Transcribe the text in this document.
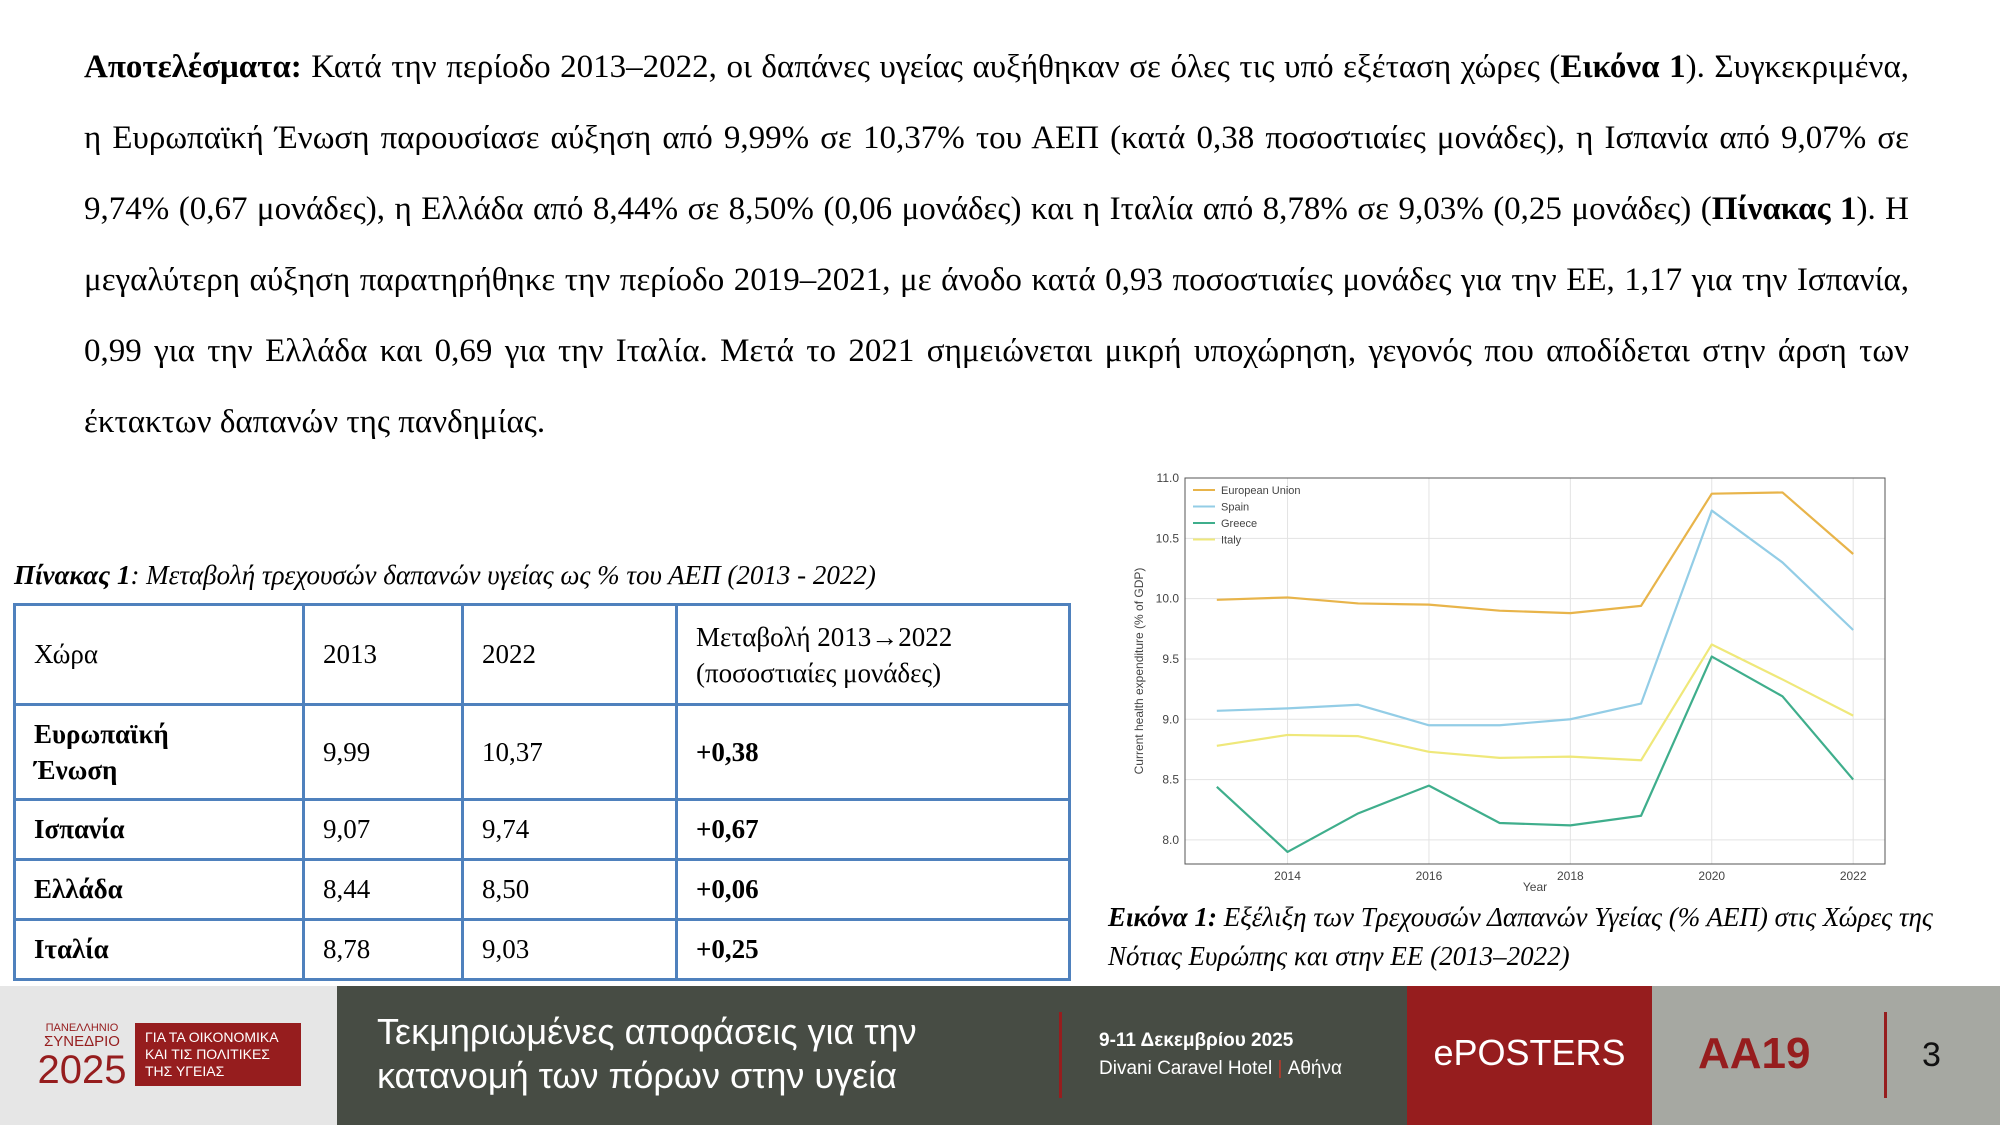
Αποτελέσματα: Κατά την περίοδο 2013–2022, οι δαπάνες υγείας αυξήθηκαν σε όλες τις υπό εξέταση χώρες (Εικόνα 1). Συγκεκριμένα, η Ευρωπαϊκή Ένωση παρουσίασε αύξηση από 9,99% σε 10,37% του ΑΕΠ (κατά 0,38 ποσοστιαίες μονάδες), η Ισπανία από 9,07% σε 9,74% (0,67 μονάδες), η Ελλάδα από 8,44% σε 8,50% (0,06 μονάδες) και η Ιταλία από 8,78% σε 9,03% (0,25 μονάδες) (Πίνακας 1). Η μεγαλύτερη αύξηση παρατηρήθηκε την περίοδο 2019–2021, με άνοδο κατά 0,93 ποσοστιαίες μονάδες για την ΕΕ, 1,17 για την Ισπανία, 0,99 για την Ελλάδα και 0,69 για την Ιταλία. Μετά το 2021 σημειώνεται μικρή υποχώρηση, γεγονός που αποδίδεται στην άρση των έκτακτων δαπανών της πανδημίας.
Πίνακας 1: Μεταβολή τρεχουσών δαπανών υγείας ως % του ΑΕΠ (2013 - 2022)
Χώρα	2013	2022	Μεταβολή 2013→2022
(ποσοστιαίες μονάδες)
Ευρωπαϊκή
Ένωση	9,99	10,37	+0,38
Ισπανία	9,07	9,74	+0,67
Ελλάδα	8,44	8,50	+0,06
Ιταλία	8,78	9,03	+0,25
8.0
8.5
9.0
9.5
10.0
10.5
11.0
2014	2016	2018	2020	2022
European Union
Spain
Greece
Italy
Current health expenditure (% of GDP)
Year
Εικόνα 1: Εξέλιξη των Τρεχουσών Δαπανών Υγείας (% ΑΕΠ) στις Χώρες της Νότιας Ευρώπης και στην ΕΕ (2013–2022)
ΠΑΝΕΛΛΗΝΙΟ
ΣΥΝΕΔΡΙΟ
2025
ΓΙΑ ΤΑ ΟΙΚΟΝΟΜΙΚΑ
ΚΑΙ ΤΙΣ ΠΟΛΙΤΙΚΕΣ
ΤΗΣ ΥΓΕΙΑΣ
Τεκμηριωμένες αποφάσεις για την
κατανομή των πόρων στην υγεία
9-11 Δεκεμβρίου 2025
Divani Caravel Hotel | Αθήνα	ePOSTERS	AA19	3
